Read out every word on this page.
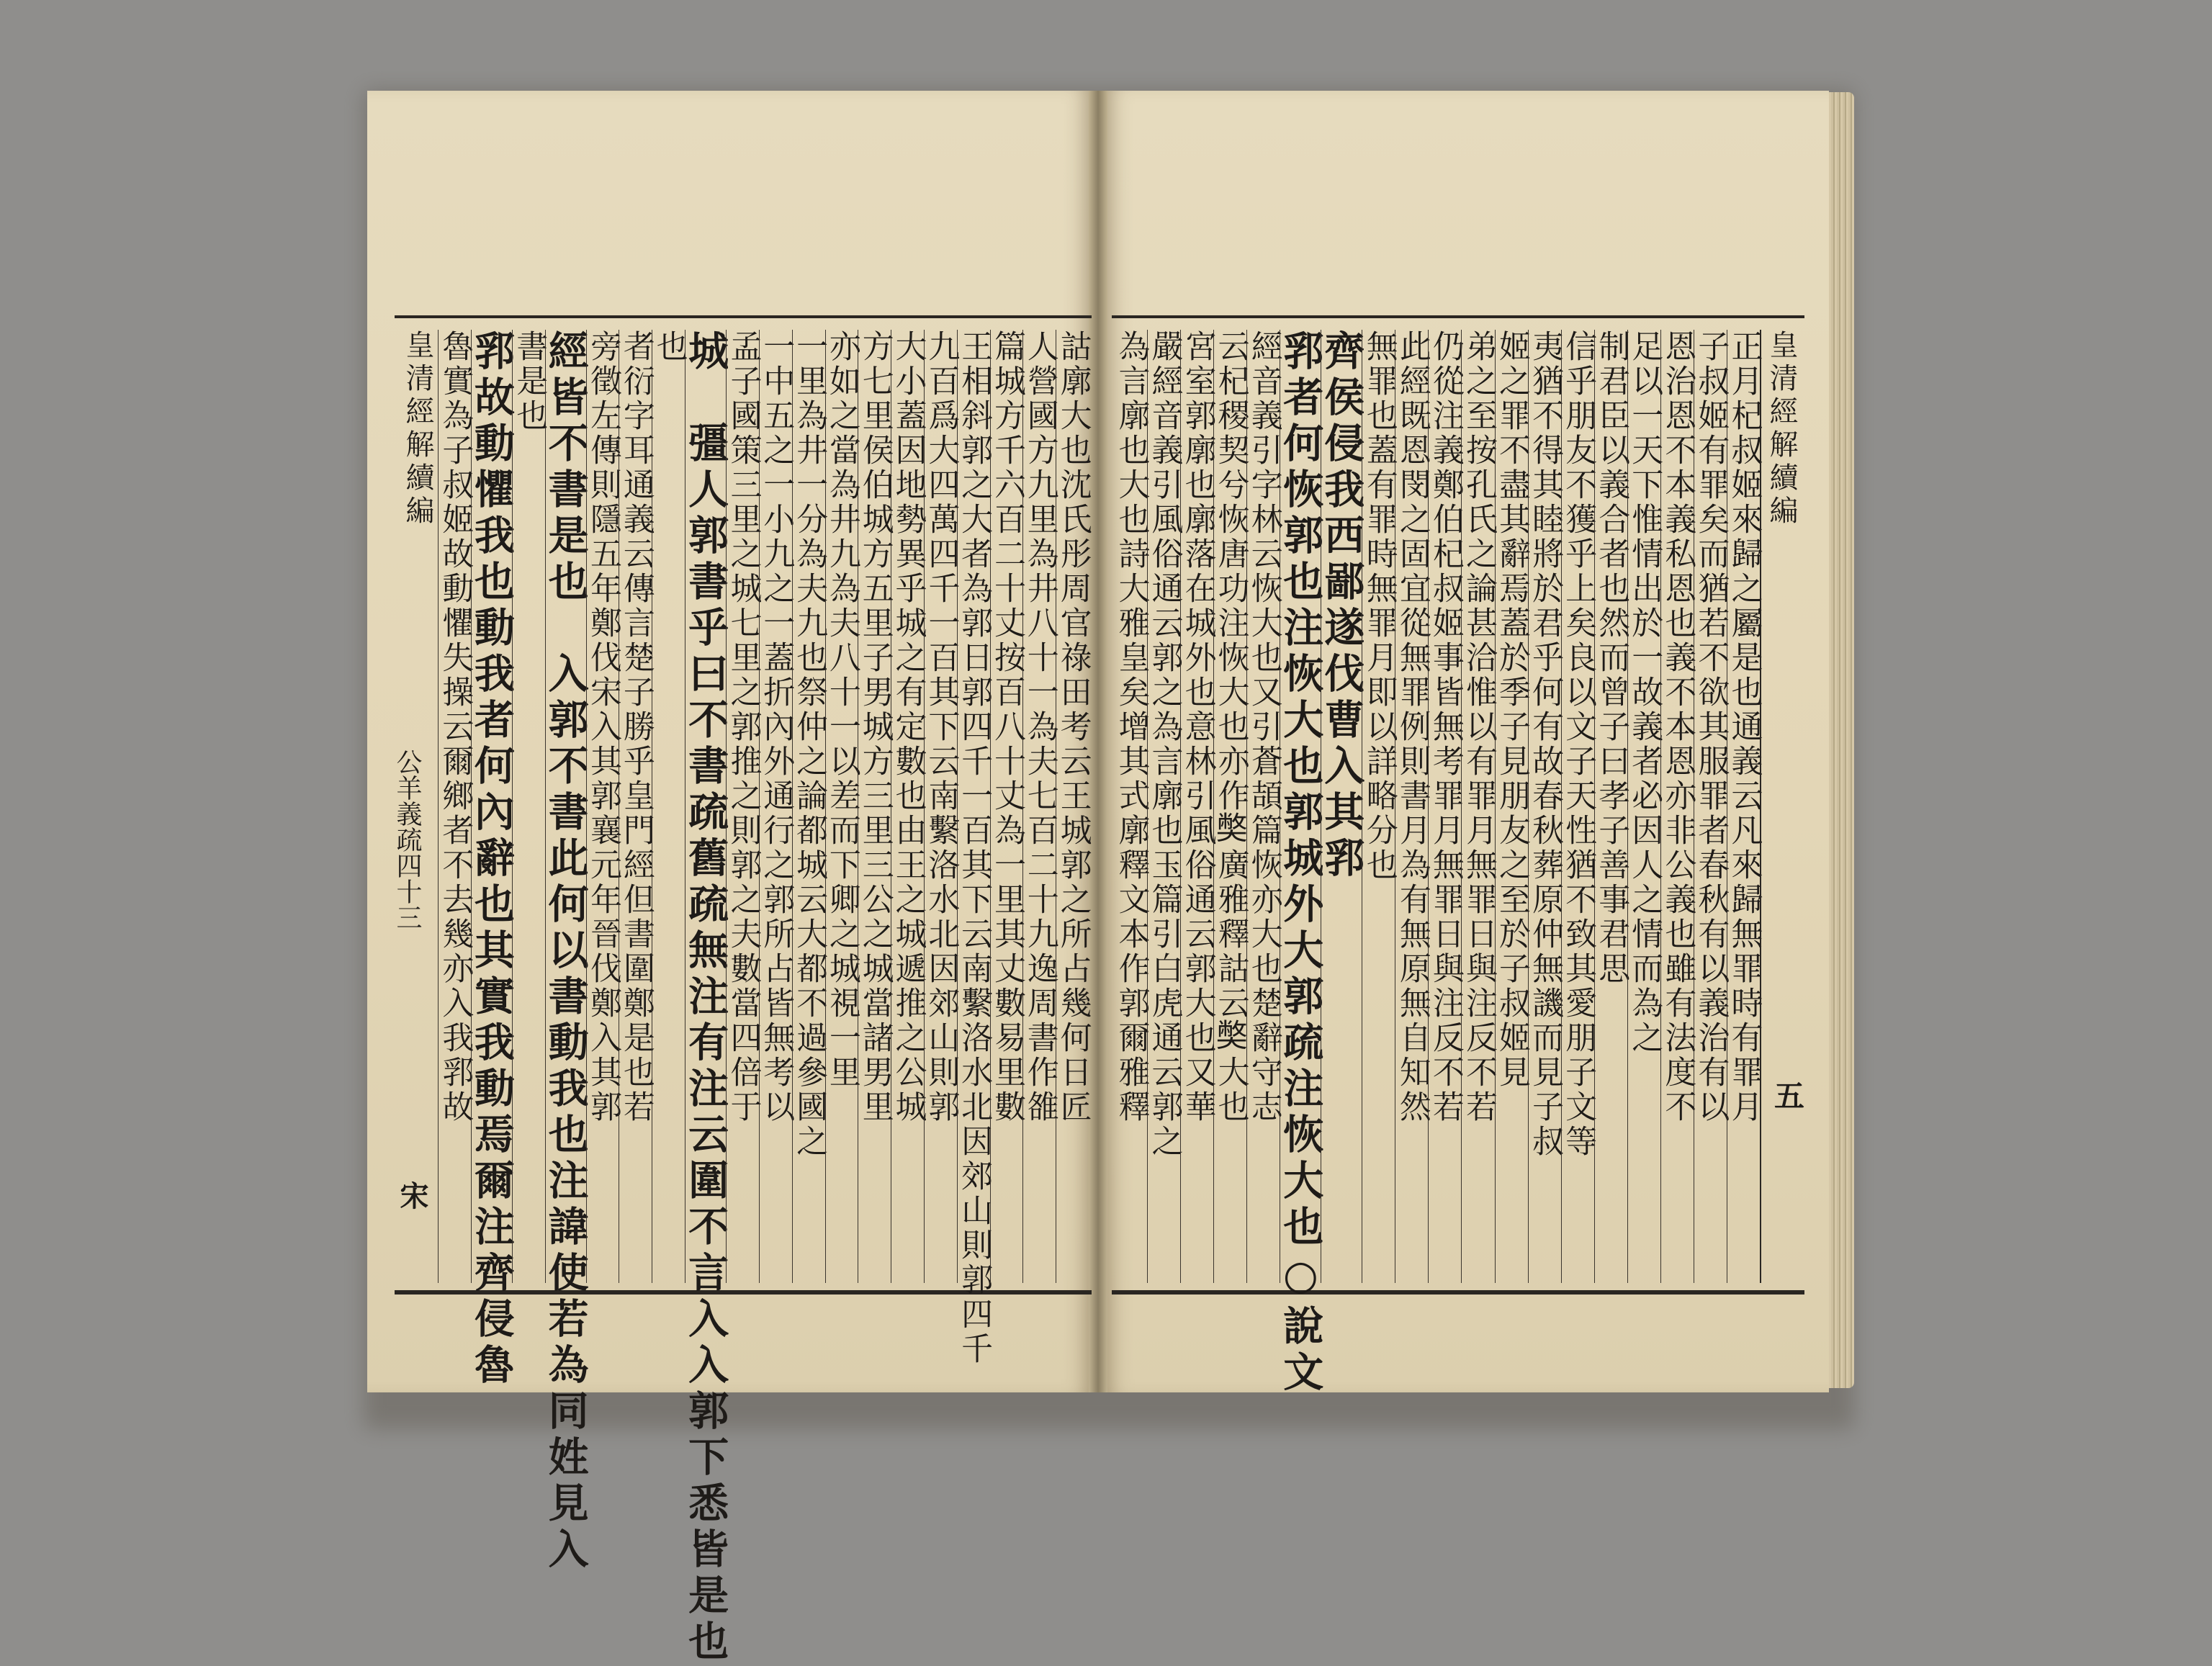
詁廓大也沈氏彤周官祿田考云王城郭之所占幾何日匠
人營國方九里為井八十一為夫七百二十九逸周書作雒
篇城方千六百二十丈按百八十丈為一里其丈數易里數
王相斜郭之大者為郭日郭四千一百其下云南繫洛水北因郊山則郭四千
九百爲大四萬四千一百其下云南繫洛水北因郊山則郭
大小蓋因地勢異乎城之有定數也由王之城遞推之公城
方七里侯伯城方五里子男城方三里三公之城當諸男里
亦如之當為井九為夫八十一以差而下卿之城視一里
一里為井一分為夫九也祭仲之論都城云大都不過參國之
一中五之一小九之一蓋折內外通行之郭所占皆無考以
孟子國策三里之城七里之郭推之則郭之夫數當四倍于
城　彊人郭書乎曰不書疏舊疏無注有注云圍不言入入郭下悉皆是也
也
者衍字耳通義云傳言楚子勝乎皇門經但書圍鄭是也若
旁徵左傳則隱五年鄭伐宋入其郭襄元年晉伐鄭入其郭
經皆不書是也　入郭不書此何以書動我也注諱使若為同姓見入
書是也
郛故動懼我也動我者何內辭也其實我動焉爾注齊侵魯
魯實為子叔姬故動懼失操云爾鄉者不去幾亦入我郛故
皇清經解續編
公羊義疏四十三
宋
皇清經解續編
正月杞叔姬來歸之屬是也通義云凡來歸無罪時有罪月
子叔姬有罪矣而猶若不欲其服罪者春秋有以義治有以
恩治恩不本義私恩也義不本恩亦非公義也雖有法度不
足以一天下惟情出於一故義者必因人之情而為之
制君臣以義合者也然而曾子曰孝子善事君思
信乎朋友不獲乎上矣良以文子天性猶不致其愛朋子文等
夷猶不得其睦將於君乎何有故春秋葬原仲無譏而見子叔
姬之罪不盡其辭焉蓋於季子見朋友之至於子叔姬見
弟之至按孔氏之論甚洽惟以有罪月無罪日與注反不若
仍從注義鄭伯杞叔姬事皆無考罪月無罪日與注反不若
此經既恩閔之固宜從無罪例則書月為有無原無自知然
無罪也蓋有罪時無罪月即以詳略分也
齊侯侵我西鄙遂伐曹入其郛
郛者何恢郭也注恢大也郭城外大郭疏注恢大也○說文
經音義引字林云恢大也又引蒼頡篇恢亦大也楚辭守志
云杞稷契兮恢唐功注恢大也亦作𡚁廣雅釋詁云𡚁大也
宮室郭廓也廓落在城外也意林引風俗通云郭大也又華
嚴經音義引風俗通云郭之為言廓也玉篇引白虎通云郭之
為言廓也大也詩大雅皇矣增其式廓釋文本作郭爾雅釋	五
